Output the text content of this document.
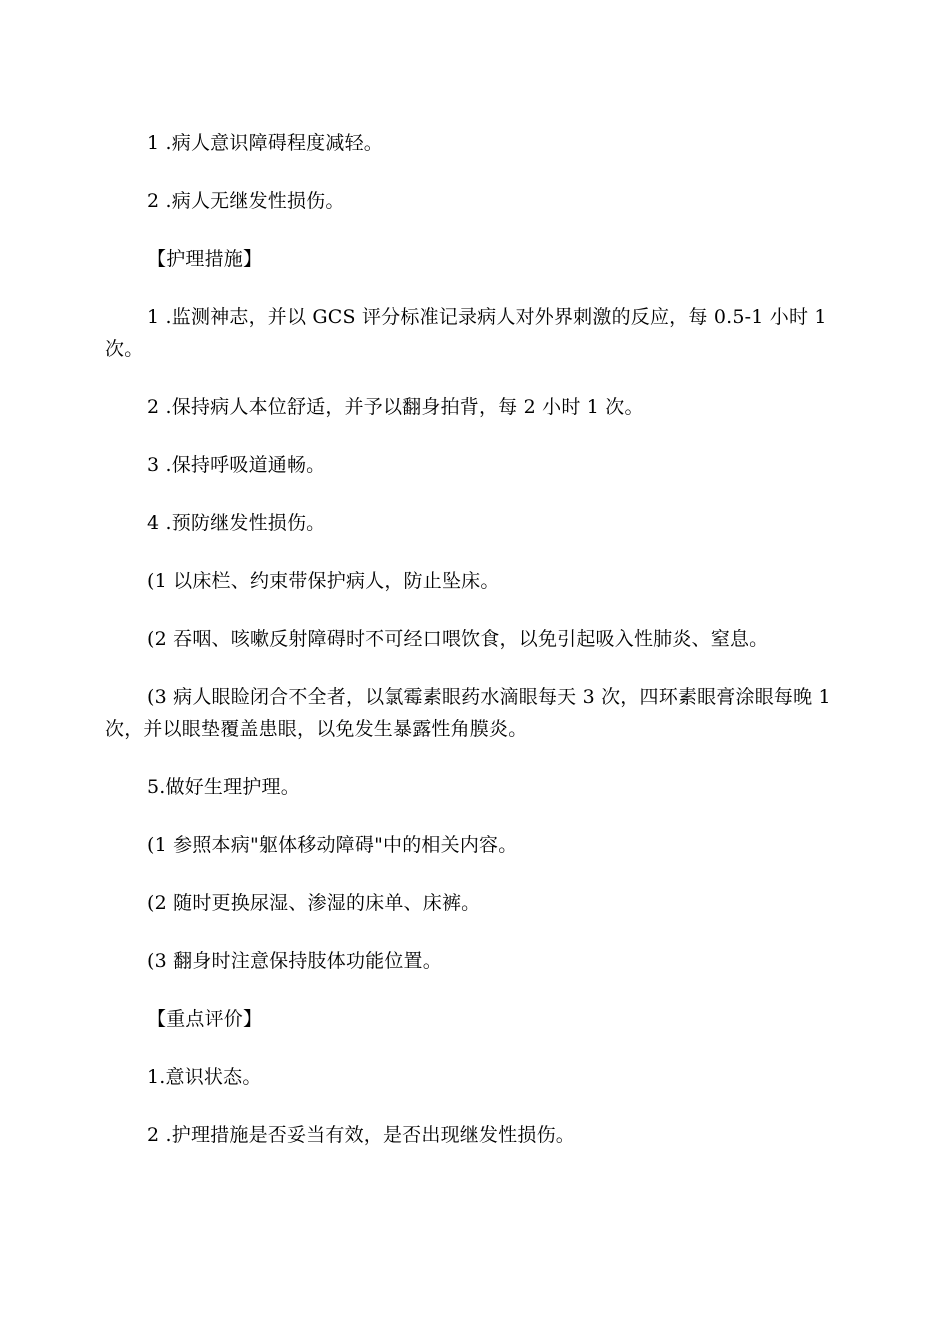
1 .病人意识障碍程度减轻。

2 .病人无继发性损伤。

【护理措施】

1 .监测神志，并以 GCS 评分标准记录病人对外界刺激的反应，每 0.5-1 小时 1 次。

2 .保持病人本位舒适，并予以翻身拍背，每 2 小时 1 次。

3 .保持呼吸道通畅。

4 .预防继发性损伤。

(1 以床栏、约束带保护病人，防止坠床。

(2 吞咽、咳嗽反射障碍时不可经口喂饮食，以免引起吸入性肺炎、窒息。

(3 病人眼睑闭合不全者，以氯霉素眼药水滴眼每天 3 次，四环素眼膏涂眼每晚 1 次，并以眼垫覆盖患眼，以免发生暴露性角膜炎。

5.做好生理护理。

(1 参照本病"躯体移动障碍"中的相关内容。

(2 随时更换尿湿、渗湿的床单、床裤。

(3 翻身时注意保持肢体功能位置。

【重点评价】

1.意识状态。

2 .护理措施是否妥当有效，是否出现继发性损伤。
